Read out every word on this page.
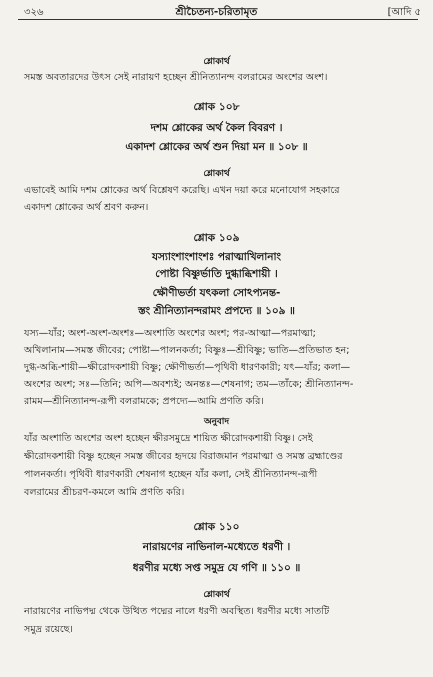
৩২৬	শ্রীচৈতন্য-চরিতামৃত	[আদি ৫
শ্লোকার্থ
সমস্ত অবতারদের উৎস সেই নারায়ণ হচ্ছেন শ্রীনিত্যানন্দ বলরামের অংশের অংশ।
শ্লোক ১০৮
দশম শ্লোকের অর্থ কৈল বিবরণ ।
একাদশ শ্লোকের অর্থ শুন দিয়া মন ॥ ১০৮ ॥
শ্লোকার্থ
এভাবেই আমি দশম শ্লোকের অর্থ বিশ্লেষণ করেছি। এখন দয়া করে মনোযোগ সহকারে
একাদশ শ্লোকের অর্থ শ্রবণ করুন।
শ্লোক ১০৯
যস্যাংশাংশাংশঃ পরাত্মাখিলানাং
পোষ্টা বিষ্ণুর্ভাতি দুগ্ধাব্ধিশায়ী ।
ক্ষৌণীভর্তা যৎকলা সোঽপ্যনন্ত-
স্তং শ্রীনিত্যানন্দরামং প্রপদ্যে ॥ ১০৯ ॥
যস্য—যাঁর; অংশ-অংশ-অংশঃ—অংশাতি অংশের অংশ; পর-আত্মা—পরমাত্মা;
অখিলানাম—সমস্ত জীবের; পোষ্টা—পালনকর্তা; বিষ্ণুঃ—শ্রীবিষ্ণু; ভাতি—প্রতিভাত হন;
দুগ্ধ-অব্ধি-শায়ী—ক্ষীরোদকশায়ী বিষ্ণু; ক্ষৌণীভর্তা—পৃথিবী ধারণকারী; যৎ—যাঁর; কলা—
অংশের অংশ; সঃ—তিনি; অপি—অবশ্যই; অনন্তঃ—শেষনাগ; তম—তাঁকে; শ্রীনিত্যানন্দ-
রামম—শ্রীনিত্যানন্দ-রূপী বলরামকে; প্রপদ্যে—আমি প্রণতি করি।
অনুবাদ
যাঁর অংশাতি অংশের অংশ হচ্ছেন ক্ষীরসমুদ্রে শায়িত ক্ষীরোদকশায়ী বিষ্ণু। সেই
ক্ষীরোদকশায়ী বিষ্ণু হচ্ছেন সমস্ত জীবের হৃদয়ে বিরাজমান পরমাত্মা ও সমস্ত ব্রহ্মাণ্ডের
পালনকর্তা। পৃথিবী ধারণকারী শেষনাগ হচ্ছেন যাঁর কলা, সেই শ্রীনিত্যানন্দ-রূপী
বলরামের শ্রীচরণ-কমলে আমি প্রণতি করি।
শ্লোক ১১০
নারায়ণের নাভিনাল-মধ্যেতে ধরণী ।
ধরণীর মধ্যে সপ্ত সমুদ্র যে গণি ॥ ১১০ ॥
শ্লোকার্থ
নারায়ণের নাভিপদ্ম থেকে উত্থিত পদ্মের নালে ধরণী অবস্থিত। ধরণীর মধ্যে সাতটি
সমুদ্র রয়েছে।
